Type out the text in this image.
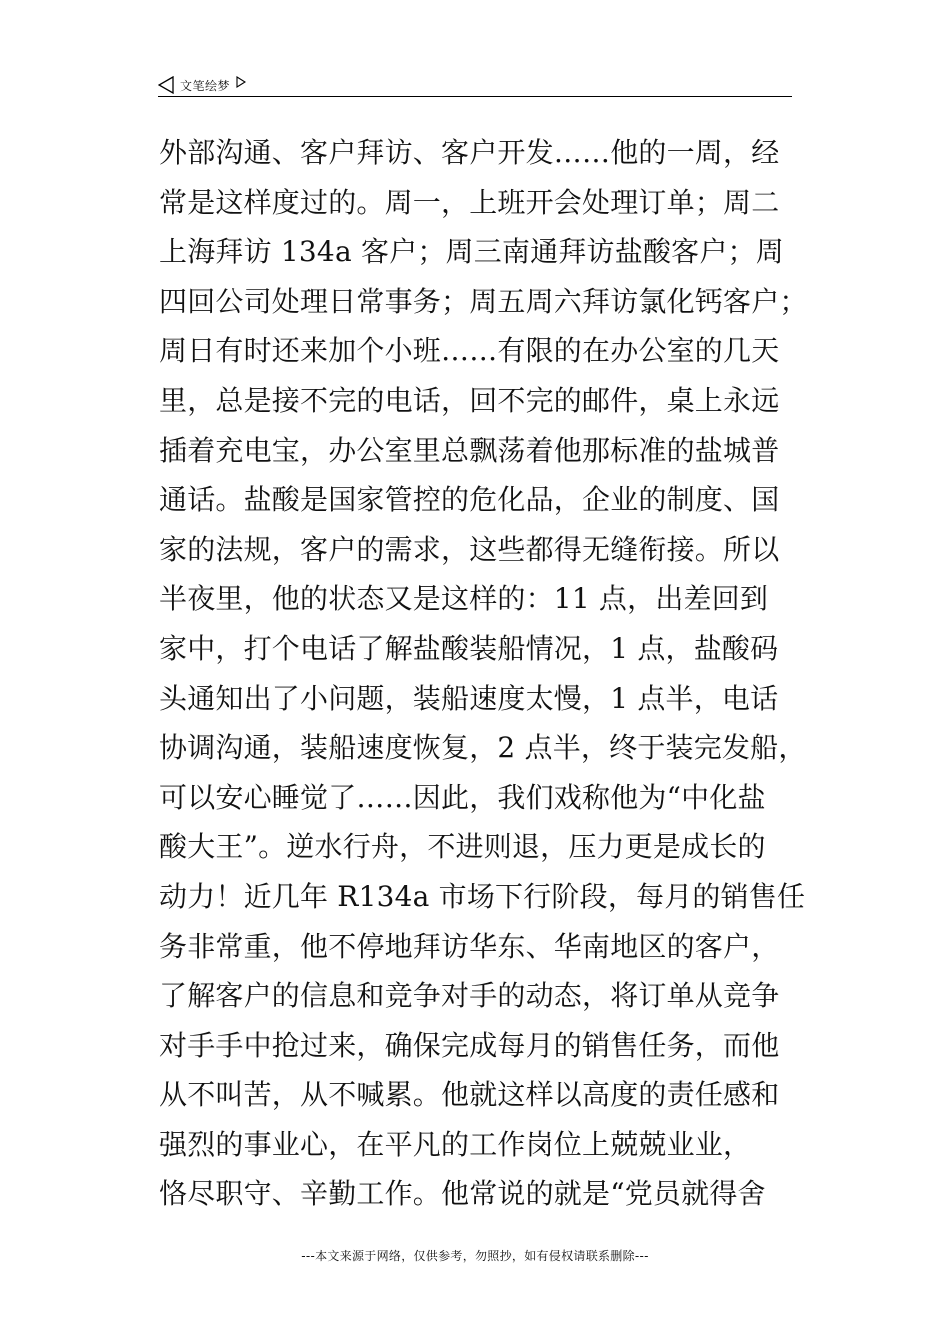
文笔绘梦
外部沟通、客户拜访、客户开发……他的一周，经
常是这样度过的。周一，上班开会处理订单；周二
上海拜访 134a 客户；周三南通拜访盐酸客户；周
四回公司处理日常事务；周五周六拜访氯化钙客户；
周日有时还来加个小班……有限的在办公室的几天
里，总是接不完的电话，回不完的邮件，桌上永远
插着充电宝，办公室里总飘荡着他那标准的盐城普
通话。盐酸是国家管控的危化品，企业的制度、国
家的法规，客户的需求，这些都得无缝衔接。所以
半夜里，他的状态又是这样的：11 点，出差回到
家中，打个电话了解盐酸装船情况，1 点，盐酸码
头通知出了小问题，装船速度太慢，1 点半，电话
协调沟通，装船速度恢复，2 点半，终于装完发船，
可以安心睡觉了……因此，我们戏称他为“中化盐
酸大王”。逆水行舟，不进则退，压力更是成长的
动力！近几年 R134a 市场下行阶段，每月的销售任
务非常重，他不停地拜访华东、华南地区的客户，
了解客户的信息和竞争对手的动态，将订单从竞争
对手手中抢过来，确保完成每月的销售任务，而他
从不叫苦，从不喊累。他就这样以高度的责任感和
强烈的事业心，在平凡的工作岗位上兢兢业业，
恪尽职守、辛勤工作。他常说的就是“党员就得舍
---本文来源于网络，仅供参考，勿照抄，如有侵权请联系删除---
